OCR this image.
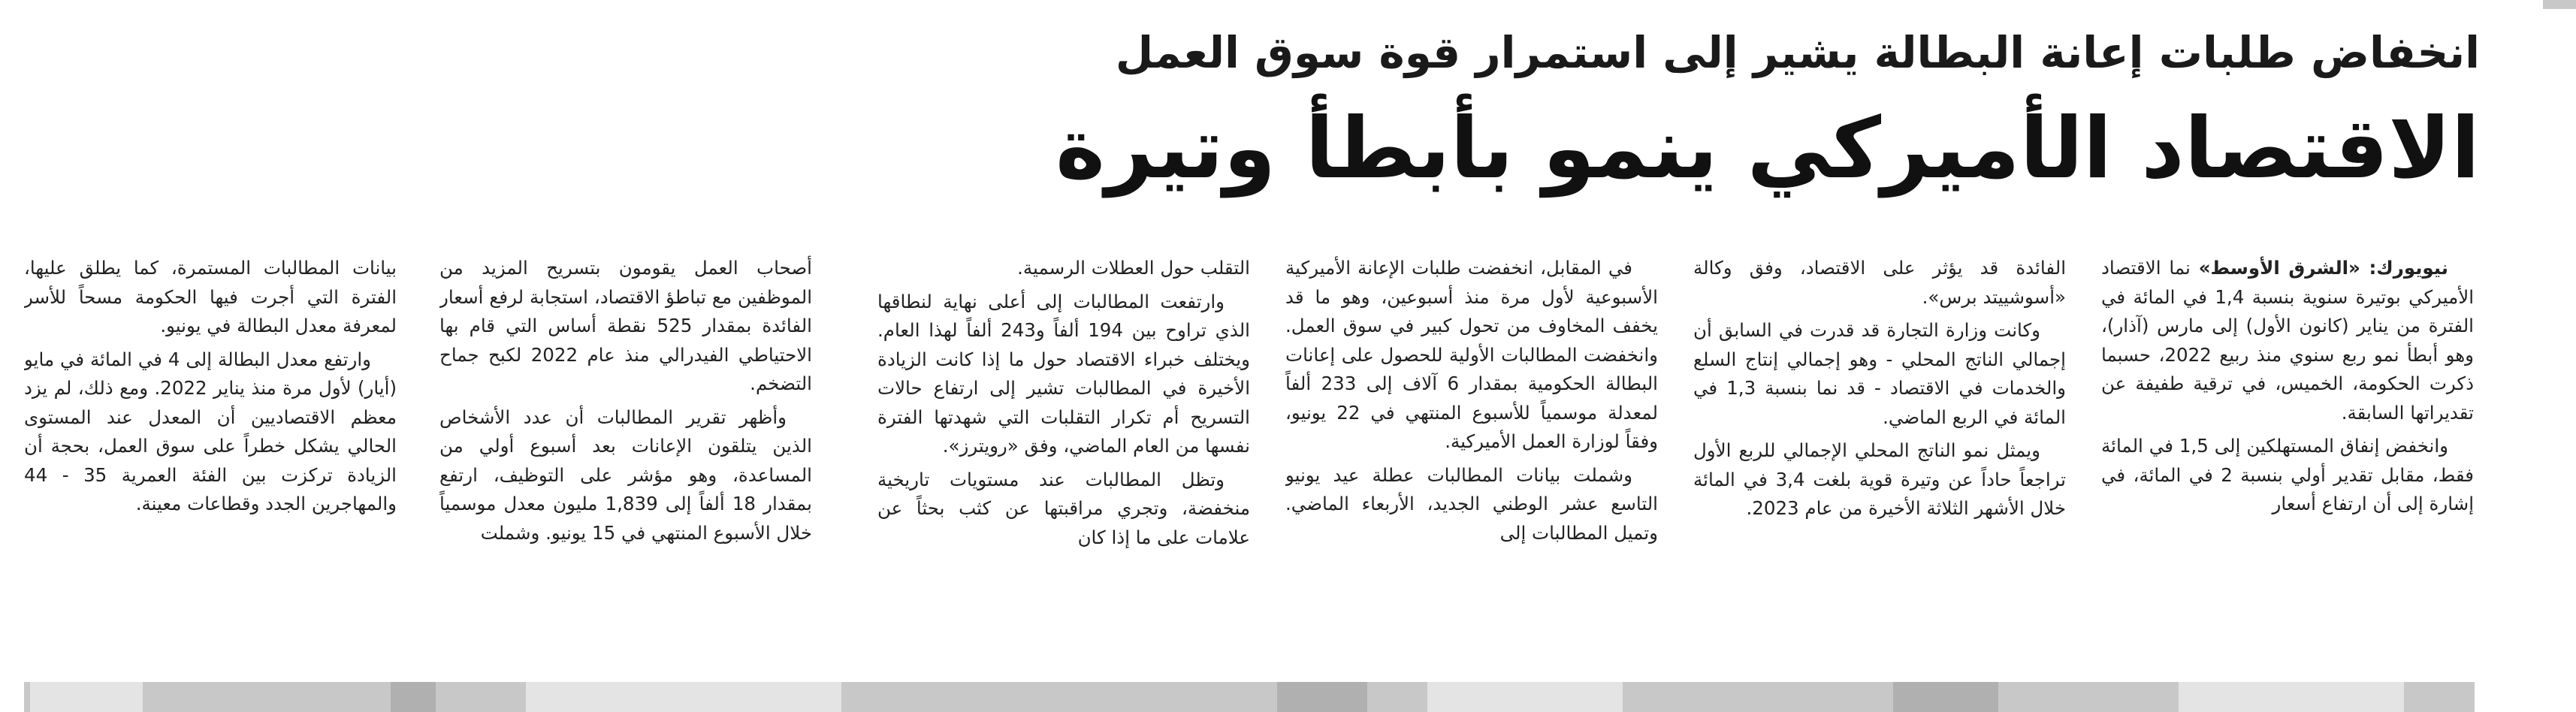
انخفاض طلبات إعانة البطالة يشير إلى استمرار قوة سوق العمل
الاقتصاد الأميركي ينمو بأبطأ وتيرة

نيويورك: «الشرق الأوسط» نما الاقتصاد الأميركي بوتيرة سنوية بنسبة 1,4 في المائة في الفترة من يناير (كانون الأول) إلى مارس (آذار)، وهو أبطأ نمو ربع سنوي منذ ربيع 2022، حسبما ذكرت الحكومة، الخميس، في ترقية طفيفة عن تقديراتها السابقة.

وانخفض إنفاق المستهلكين إلى 1,5 في المائة فقط، مقابل تقدير أولي بنسبة 2 في المائة، في إشارة إلى أن ارتفاع أسعار

الفائدة قد يؤثر على الاقتصاد، وفق وكالة «أسوشييتد برس».

وكانت وزارة التجارة قد قدرت في السابق أن إجمالي الناتج المحلي - وهو إجمالي إنتاج السلع والخدمات في الاقتصاد - قد نما بنسبة 1,3 في المائة في الربع الماضي.

ويمثل نمو الناتج المحلي الإجمالي للربع الأول تراجعاً حاداً عن وتيرة قوية بلغت 3,4 في المائة خلال الأشهر الثلاثة الأخيرة من عام 2023.

في المقابل، انخفضت طلبات الإعانة الأميركية الأسبوعية لأول مرة منذ أسبوعين، وهو ما قد يخفف المخاوف من تحول كبير في سوق العمل. وانخفضت المطالبات الأولية للحصول على إعانات البطالة الحكومية بمقدار 6 آلاف إلى 233 ألفاً لمعدلة موسمياً للأسبوع المنتهي في 22 يونيو، وفقاً لوزارة العمل الأميركية.

وشملت بيانات المطالبات عطلة عيد يونيو التاسع عشر الوطني الجديد، الأربعاء الماضي. وتميل المطالبات إلى

التقلب حول العطلات الرسمية.

وارتفعت المطالبات إلى أعلى نهاية لنطاقها الذي تراوح بين 194 ألفاً و243 ألفاً لهذا العام. ويختلف خبراء الاقتصاد حول ما إذا كانت الزيادة الأخيرة في المطالبات تشير إلى ارتفاع حالات التسريح أم تكرار التقلبات التي شهدتها الفترة نفسها من العام الماضي، وفق «رويترز».

وتظل المطالبات عند مستويات تاريخية منخفضة، وتجري مراقبتها عن كثب بحثاً عن علامات على ما إذا كان

أصحاب العمل يقومون بتسريح المزيد من الموظفين مع تباطؤ الاقتصاد، استجابة لرفع أسعار الفائدة بمقدار 525 نقطة أساس التي قام بها الاحتياطي الفيدرالي منذ عام 2022 لكبح جماح التضخم.

وأظهر تقرير المطالبات أن عدد الأشخاص الذين يتلقون الإعانات بعد أسبوع أولي من المساعدة، وهو مؤشر على التوظيف، ارتفع بمقدار 18 ألفاً إلى 1,839 مليون معدل موسمياً خلال الأسبوع المنتهي في 15 يونيو. وشملت

بيانات المطالبات المستمرة، كما يطلق عليها، الفترة التي أجرت فيها الحكومة مسحاً للأسر لمعرفة معدل البطالة في يونيو.

وارتفع معدل البطالة إلى 4 في المائة في مايو (أيار) لأول مرة منذ يناير 2022. ومع ذلك، لم يزد معظم الاقتصاديين أن المعدل عند المستوى الحالي يشكل خطراً على سوق العمل، بحجة أن الزيادة تركزت بين الفئة العمرية 35 - 44 والمهاجرين الجدد وقطاعات معينة.
